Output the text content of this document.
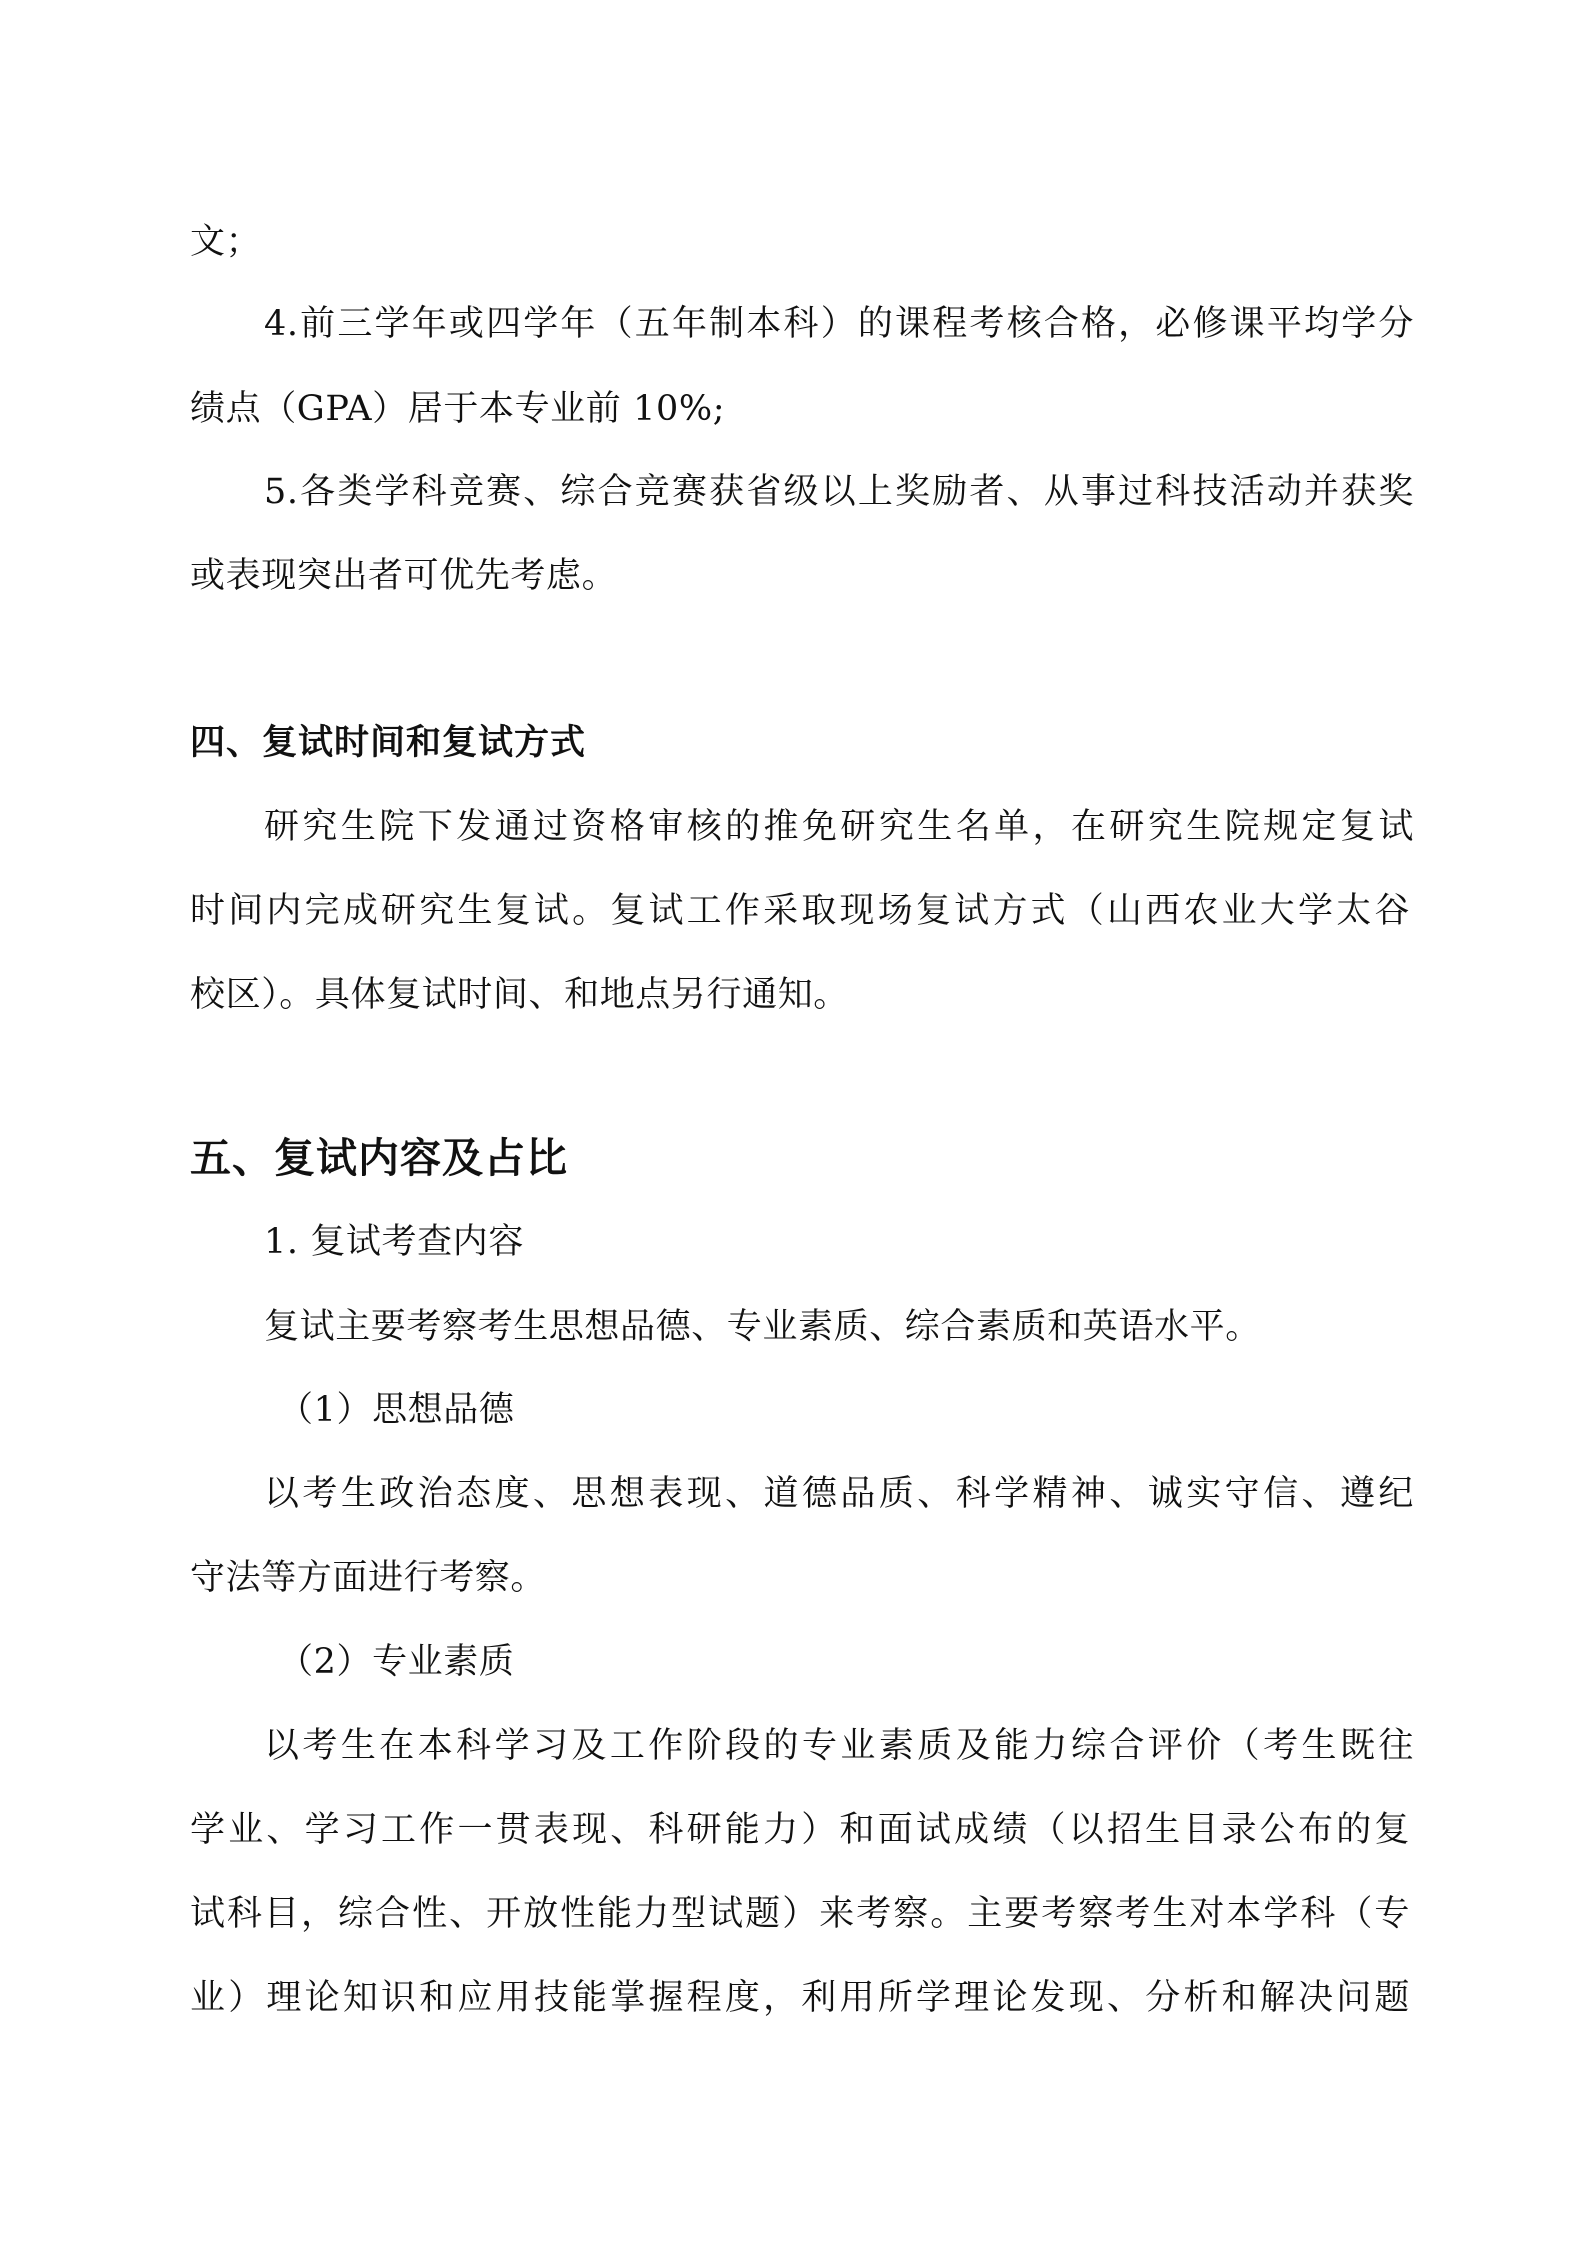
文；
4.前三学年或四学年（五年制本科）的课程考核合格，必修课平均学分
绩点（GPA）居于本专业前 10%;
5.各类学科竞赛、综合竞赛获省级以上奖励者、从事过科技活动并获奖
或表现突出者可优先考虑。
四、复试时间和复试方式
研究生院下发通过资格审核的推免研究生名单，在研究生院规定复试
时间内完成研究生复试。复试工作采取现场复试方式（山西农业大学太谷
校区）。具体复试时间、和地点另行通知。
五、复试内容及占比
1. 复试考查内容
复试主要考察考生思想品德、专业素质、综合素质和英语水平。
（1）思想品德
以考生政治态度、思想表现、道德品质、科学精神、诚实守信、遵纪
守法等方面进行考察。
（2）专业素质
以考生在本科学习及工作阶段的专业素质及能力综合评价（考生既往
学业、学习工作一贯表现、科研能力）和面试成绩（以招生目录公布的复
试科目，综合性、开放性能力型试题）来考察。主要考察考生对本学科（专
业）理论知识和应用技能掌握程度，利用所学理论发现、分析和解决问题
